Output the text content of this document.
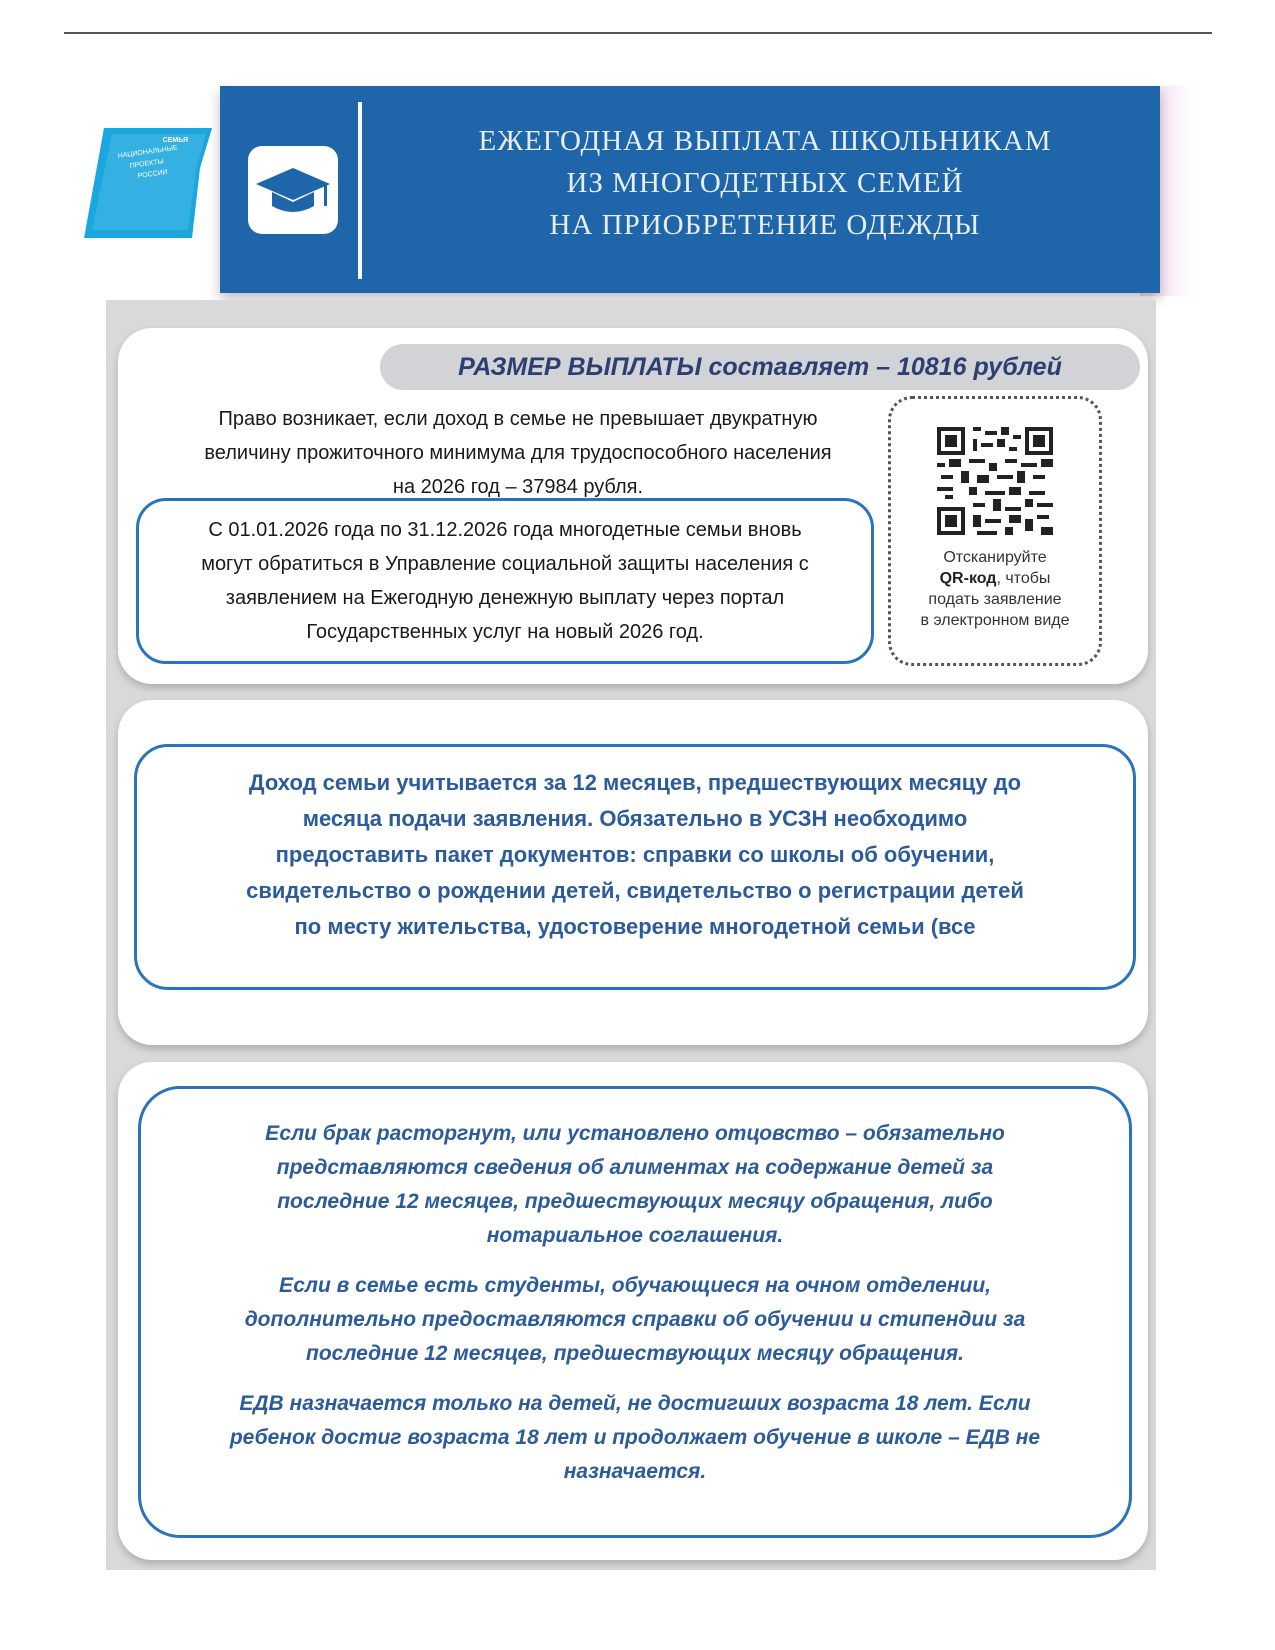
СЕМЬЯ
НАЦИОНАЛЬНЫЕ
ПРОЕКТЫ
РОССИИ
ЕЖЕГОДНАЯ ВЫПЛАТА ШКОЛЬНИКАМ
ИЗ МНОГОДЕТНЫХ СЕМЕЙ
НА ПРИОБРЕТЕНИЕ ОДЕЖДЫ
РАЗМЕР ВЫПЛАТЫ составляет – 10816 рублей
Право возникает, если доход в семье не превышает двукратную
величину прожиточного минимума для трудоспособного населения
на 2026 год – 37984 рубля.
С 01.01.2026 года по 31.12.2026 года многодетные семьи вновь
могут обратиться в Управление социальной защиты населения с
заявлением на Ежегодную денежную выплату через портал
Государственных услуг на новый 2026 год.
Отсканируйте
QR-код, чтобы
подать заявление
в электронном виде
Доход семьи учитывается за 12 месяцев, предшествующих месяцу до
месяца подачи заявления. Обязательно в УСЗН необходимо
предоставить пакет документов: справки со школы об обучении,
свидетельство о рождении детей, свидетельство о регистрации детей
по месту жительства, удостоверение многодетной семьи (все
Если брак расторгнут, или установлено отцовство – обязательно
представляются сведения об алиментах на содержание детей за
последние 12 месяцев, предшествующих месяцу обращения, либо
нотариальное соглашения.
Если в семье есть студенты, обучающиеся на очном отделении,
дополнительно предоставляются справки об обучении и стипендии за
последние 12 месяцев, предшествующих месяцу обращения.
ЕДВ назначается только на детей, не достигших возраста 18 лет. Если
ребенок достиг возраста 18 лет и продолжает обучение в школе – ЕДВ не
назначается.
